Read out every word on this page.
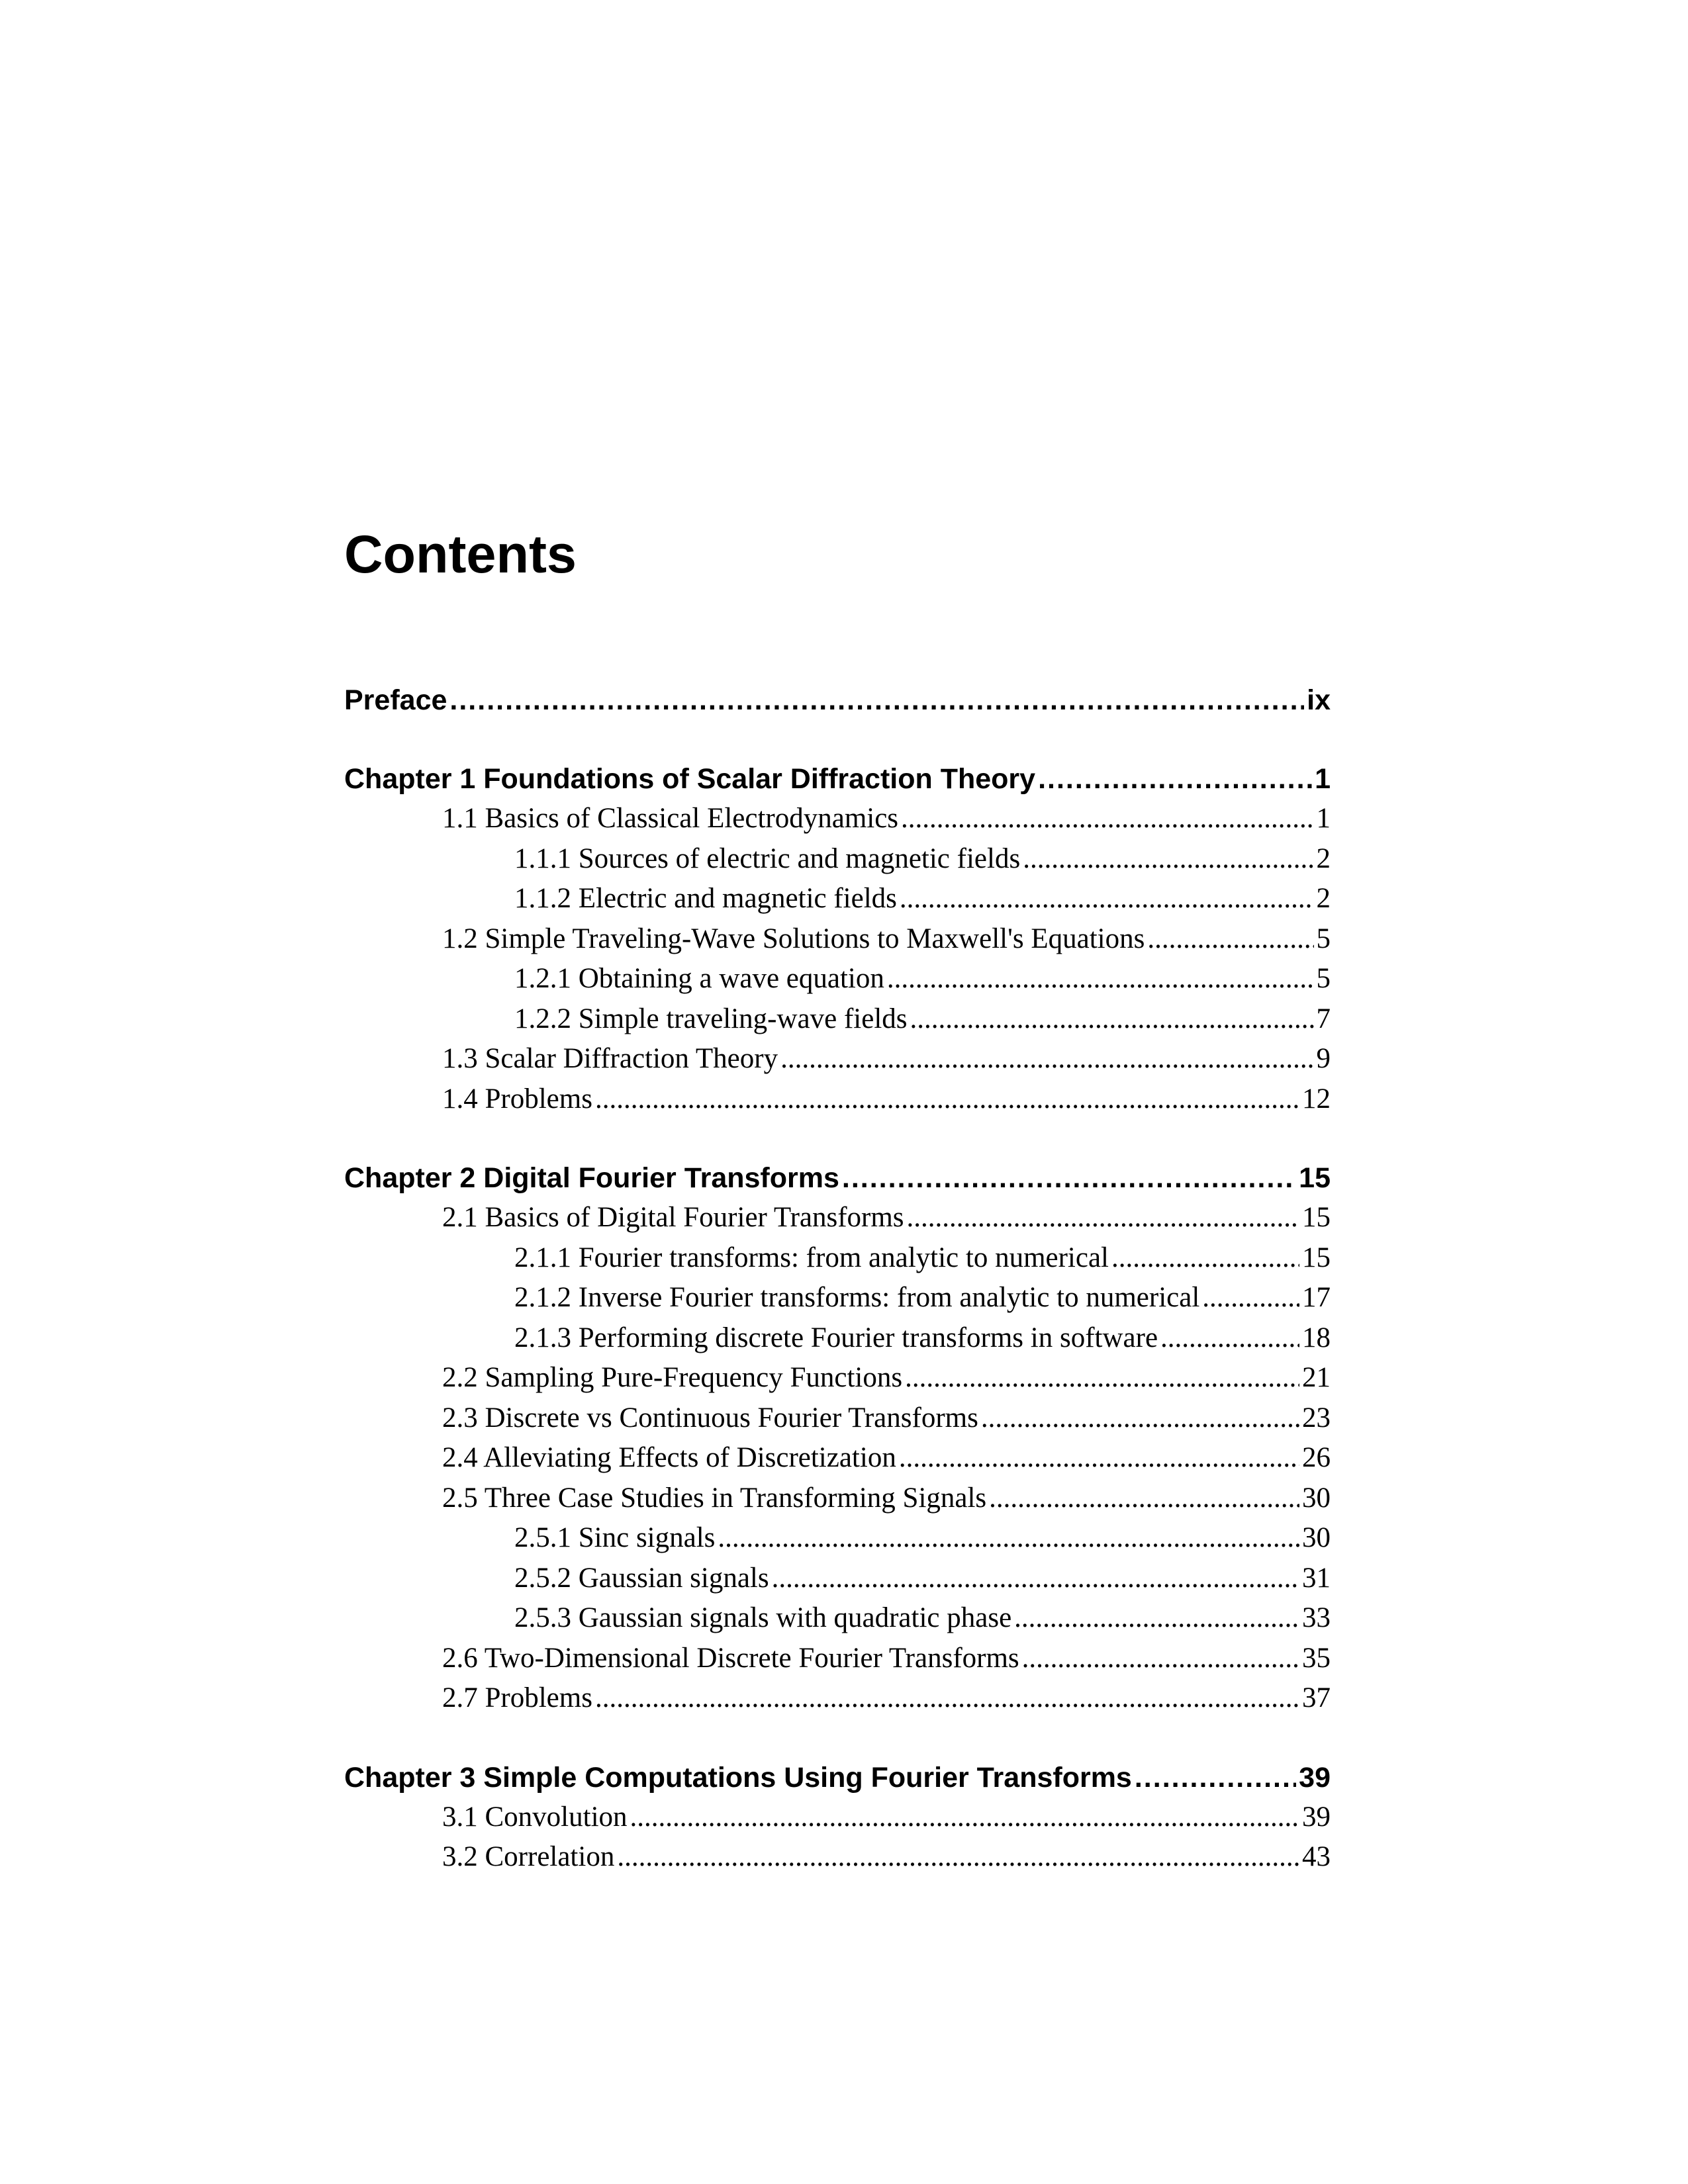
Contents
Preface .....	ix
Chapter 1 Foundations of Scalar Diffraction Theory .....	1
1.1 Basics of Classical Electrodynamics .....	1
1.1.1 Sources of electric and magnetic fields .....	2
1.1.2 Electric and magnetic fields .....	2
1.2 Simple Traveling-Wave Solutions to Maxwell's Equations .....	5
1.2.1 Obtaining a wave equation .....	5
1.2.2 Simple traveling-wave fields .....	7
1.3 Scalar Diffraction Theory .....	9
1.4 Problems .....	12
Chapter 2 Digital Fourier Transforms .....	15
2.1 Basics of Digital Fourier Transforms .....	15
2.1.1 Fourier transforms: from analytic to numerical .....	15
2.1.2 Inverse Fourier transforms: from analytic to numerical .....	17
2.1.3 Performing discrete Fourier transforms in software .....	18
2.2 Sampling Pure-Frequency Functions .....	21
2.3 Discrete vs Continuous Fourier Transforms .....	23
2.4 Alleviating Effects of Discretization .....	26
2.5 Three Case Studies in Transforming Signals .....	30
2.5.1 Sinc signals .....	30
2.5.2 Gaussian signals .....	31
2.5.3 Gaussian signals with quadratic phase .....	33
2.6 Two-Dimensional Discrete Fourier Transforms .....	35
2.7 Problems .....	37
Chapter 3 Simple Computations Using Fourier Transforms .....	39
3.1 Convolution .....	39
3.2 Correlation .....	43
